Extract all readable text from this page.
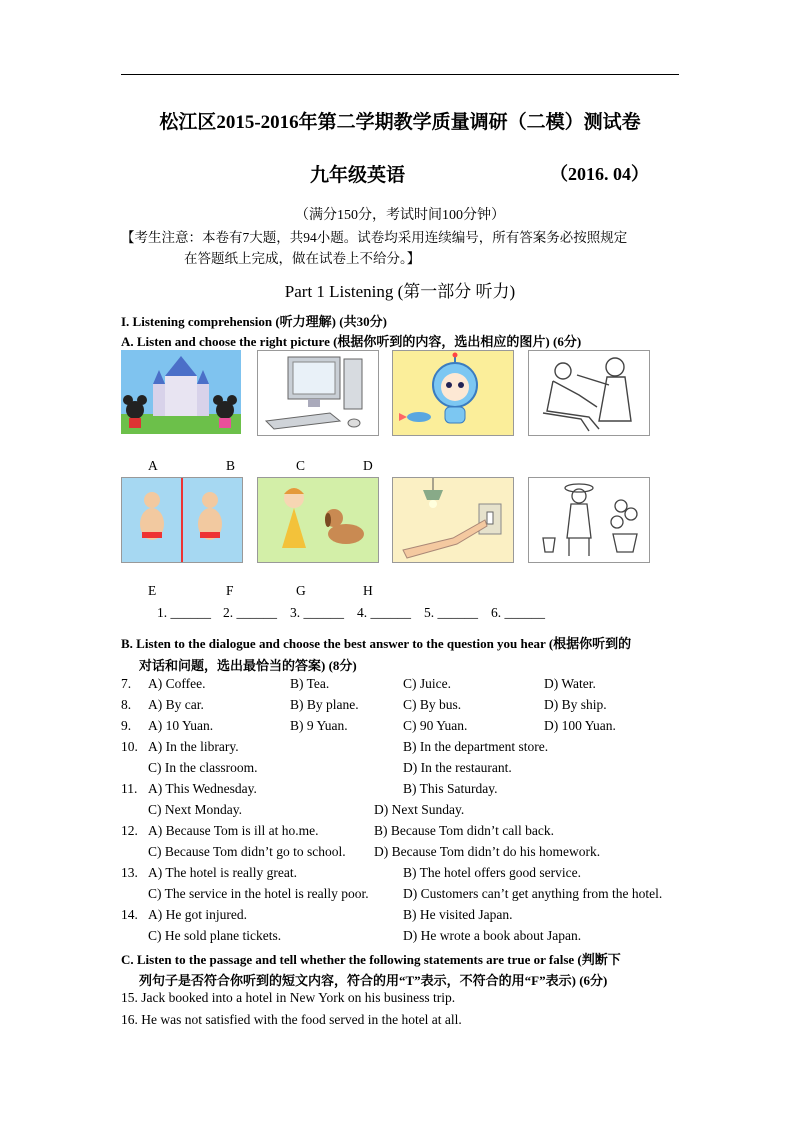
松江区2015-2016年第二学期教学质量调研（二模）测试卷
九年级英语	（2016. 04）
（满分150分，考试时间100分钟）
【考生注意：本卷有7大题，共94小题。试卷均采用连续编号，所有答案务必按照规定
在答题纸上完成，做在试卷上不给分。】
Part 1 Listening (第一部分 听力)
I. Listening comprehension (听力理解) (共30分)
A. Listen and choose the right picture (根据你听到的内容，选出相应的图片) (6分)
A	B	C	D
E	F	G	H
1. ______ 2. ______ 3. ______ 4. ______ 5. ______ 6. ______
B. Listen to the dialogue and choose the best answer to the question you hear (根据你听到的
对话和问题，选出最恰当的答案) (8分)
7. A) Coffee.	B) Tea.	C) Juice.	D) Water.
8. A) By car.	B) By plane.	C) By bus.	D) By ship.
9. A) 10 Yuan.	B) 9 Yuan.	C) 90 Yuan.	D) 100 Yuan.
10. A) In the library.	B) In the department store.
C) In the classroom.	D) In the restaurant.
11. A) This Wednesday.	B) This Saturday.
C) Next Monday.	D) Next Sunday.
12. A) Because Tom is ill at ho.me.	B) Because Tom didn’t call back.
C) Because Tom didn’t go to school. D) Because Tom didn’t do his homework.
13. A) The hotel is really great.	B) The hotel offers good service.
C) The service in the hotel is really poor.	D) Customers can’t get anything from the hotel.
14. A) He got injured.	B) He visited Japan.
C) He sold plane tickets.	D) He wrote a book about Japan.
C. Listen to the passage and tell whether the following statements are true or false (判断下
列句子是否符合你听到的短文内容，符合的用“T”表示，不符合的用“F”表示) (6分)
15. Jack booked into a hotel in New York on his business trip.
16. He was not satisfied with the food served in the hotel at all.
